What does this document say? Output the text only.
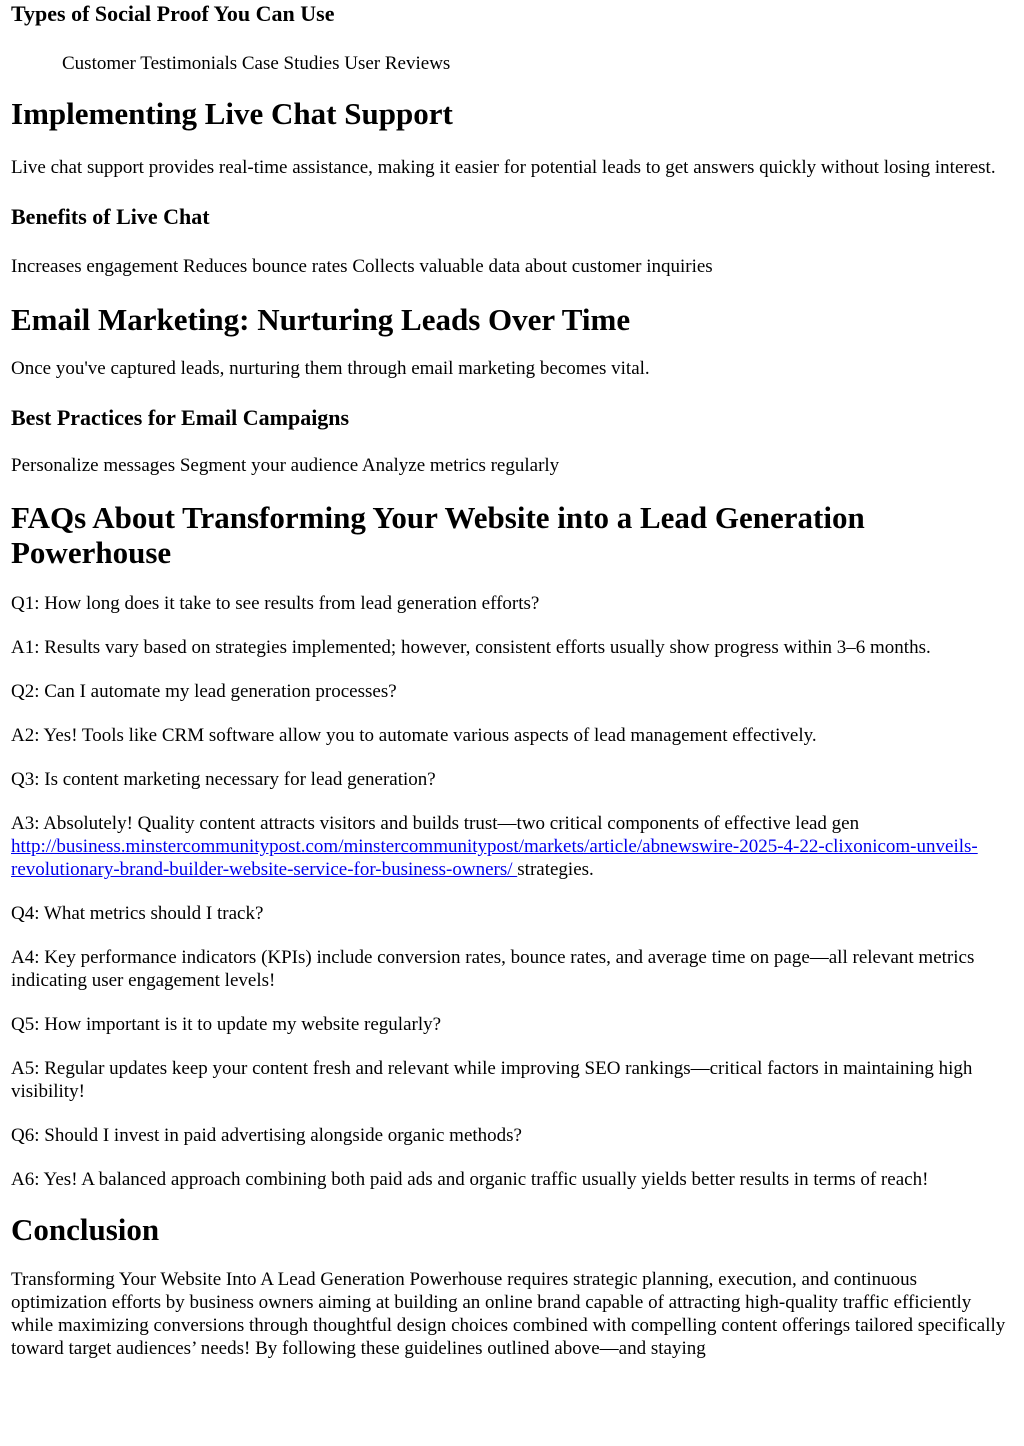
Types of Social Proof You Can Use
Customer Testimonials Case Studies User Reviews
Implementing Live Chat Support

Live chat support provides real-time assistance, making it easier for potential leads to get answers quickly without losing interest.

Benefits of Live Chat

Increases engagement Reduces bounce rates Collects valuable data about customer inquiries

Email Marketing: Nurturing Leads Over Time

Once you've captured leads, nurturing them through email marketing becomes vital.

Best Practices for Email Campaigns

Personalize messages Segment your audience Analyze metrics regularly

FAQs About Transforming Your Website into a Lead Generation Powerhouse

Q1: How long does it take to see results from lead generation efforts?

A1: Results vary based on strategies implemented; however, consistent efforts usually show progress within 3–6 months.

Q2: Can I automate my lead generation processes?

A2: Yes! Tools like CRM software allow you to automate various aspects of lead management effectively.

Q3: Is content marketing necessary for lead generation?

A3: Absolutely! Quality content attracts visitors and builds trust—two critical components of effective lead gen http://business.minstercommunitypost.com/minstercommunitypost/markets/article/abnewswire-2025-4-22-clixonicom-unveils-revolutionary-brand-builder-website-service-for-business-owners/ strategies.

Q4: What metrics should I track?

A4: Key performance indicators (KPIs) include conversion rates, bounce rates, and average time on page—all relevant metrics indicating user engagement levels!

Q5: How important is it to update my website regularly?

A5: Regular updates keep your content fresh and relevant while improving SEO rankings—critical factors in maintaining high visibility!

Q6: Should I invest in paid advertising alongside organic methods?

A6: Yes! A balanced approach combining both paid ads and organic traffic usually yields better results in terms of reach!

Conclusion

Transforming Your Website Into A Lead Generation Powerhouse requires strategic planning, execution, and continuous optimization efforts by business owners aiming at building an online brand capable of attracting high-quality traffic efficiently while maximizing conversions through thoughtful design choices combined with compelling content offerings tailored specifically toward target audiences’ needs! By following these guidelines outlined above—and staying
